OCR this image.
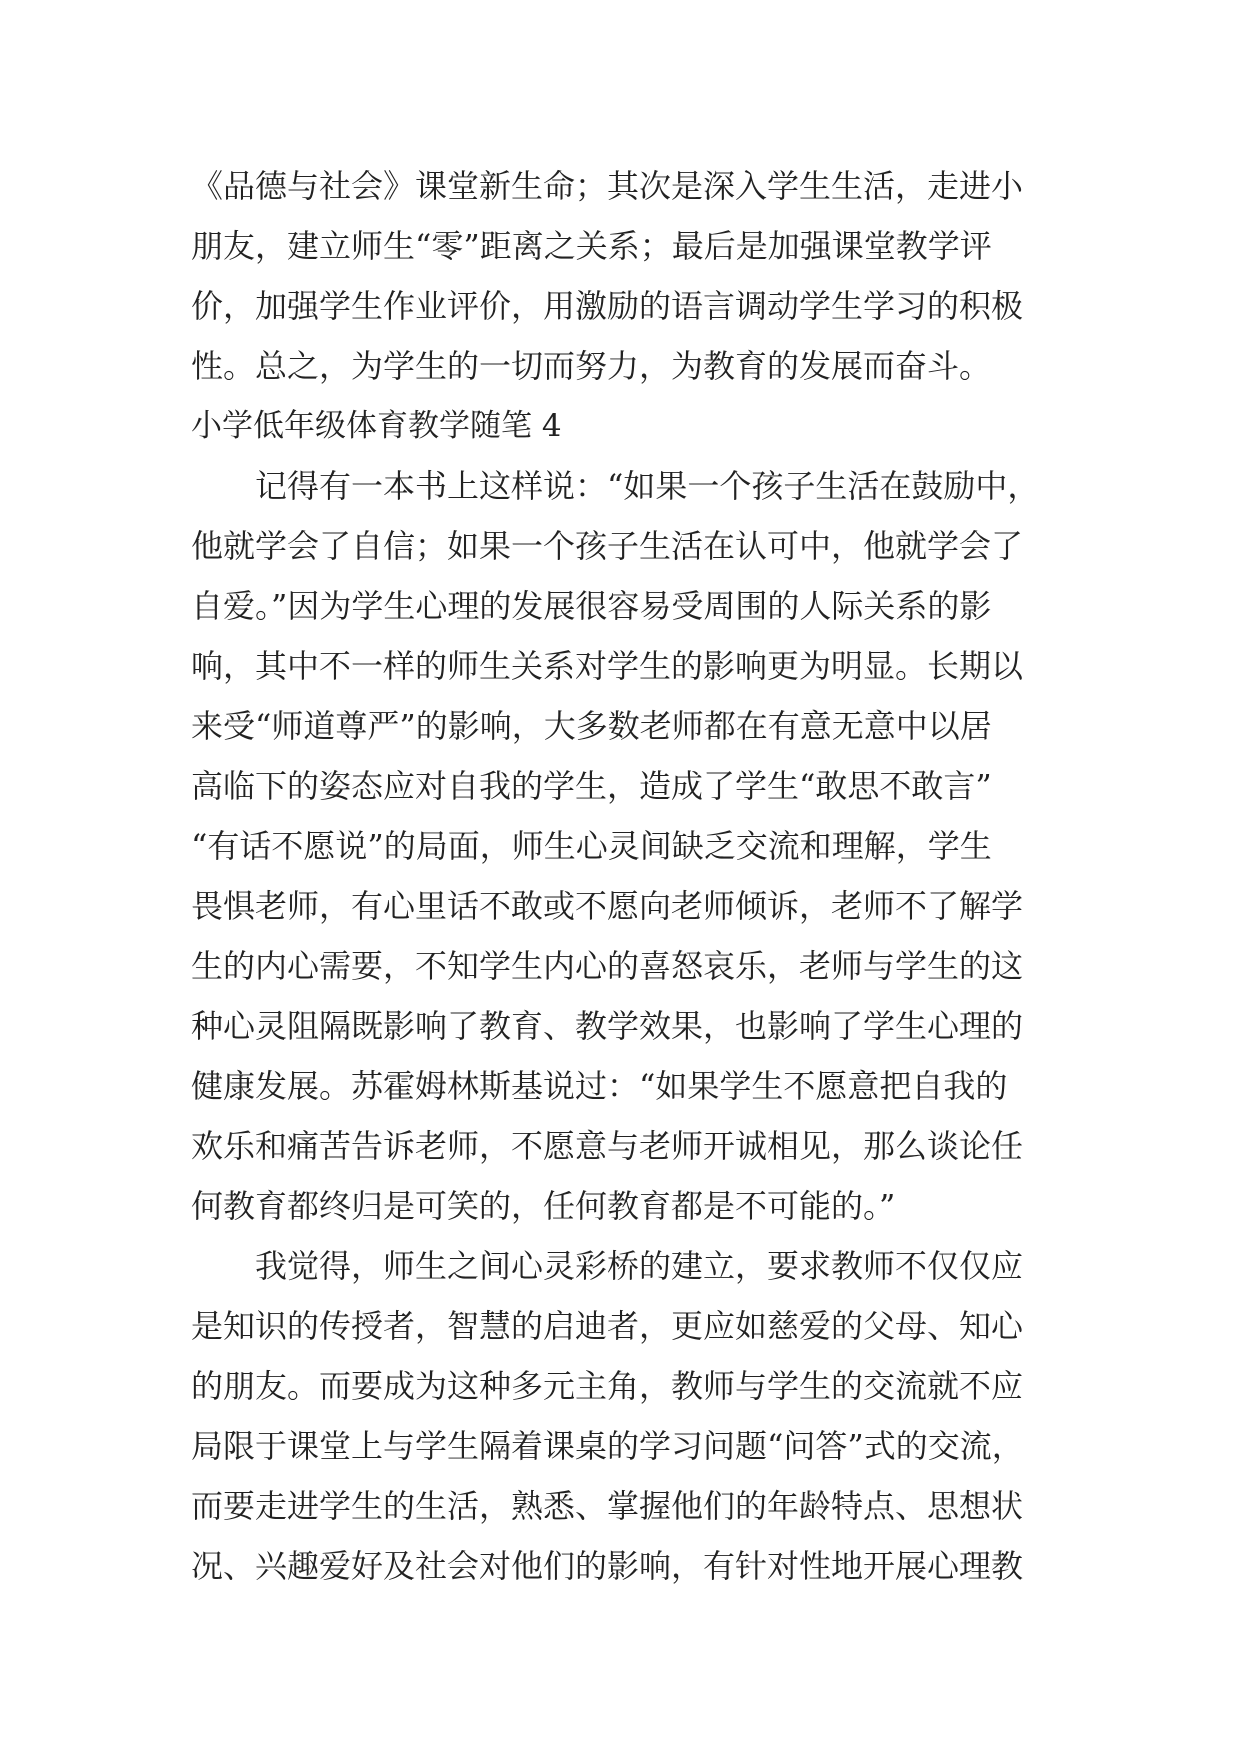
《品德与社会》课堂新生命；其次是深入学生生活，走进小
朋友，建立师生“零”距离之关系；最后是加强课堂教学评
价，加强学生作业评价，用激励的语言调动学生学习的积极
性。总之，为学生的一切而努力，为教育的发展而奋斗。
小学低年级体育教学随笔 4
记得有一本书上这样说：“如果一个孩子生活在鼓励中，
他就学会了自信；如果一个孩子生活在认可中，他就学会了
自爱。”因为学生心理的发展很容易受周围的人际关系的影
响，其中不一样的师生关系对学生的影响更为明显。长期以
来受“师道尊严”的影响，大多数老师都在有意无意中以居
高临下的姿态应对自我的学生，造成了学生“敢思不敢言”
“有话不愿说”的局面，师生心灵间缺乏交流和理解，学生
畏惧老师，有心里话不敢或不愿向老师倾诉，老师不了解学
生的内心需要，不知学生内心的喜怒哀乐，老师与学生的这
种心灵阻隔既影响了教育、教学效果，也影响了学生心理的
健康发展。苏霍姆林斯基说过：“如果学生不愿意把自我的
欢乐和痛苦告诉老师，不愿意与老师开诚相见，那么谈论任
何教育都终归是可笑的，任何教育都是不可能的。”
我觉得，师生之间心灵彩桥的建立，要求教师不仅仅应
是知识的传授者，智慧的启迪者，更应如慈爱的父母、知心
的朋友。而要成为这种多元主角，教师与学生的交流就不应
局限于课堂上与学生隔着课桌的学习问题“问答”式的交流，
而要走进学生的生活，熟悉、掌握他们的年龄特点、思想状
况、兴趣爱好及社会对他们的影响，有针对性地开展心理教
